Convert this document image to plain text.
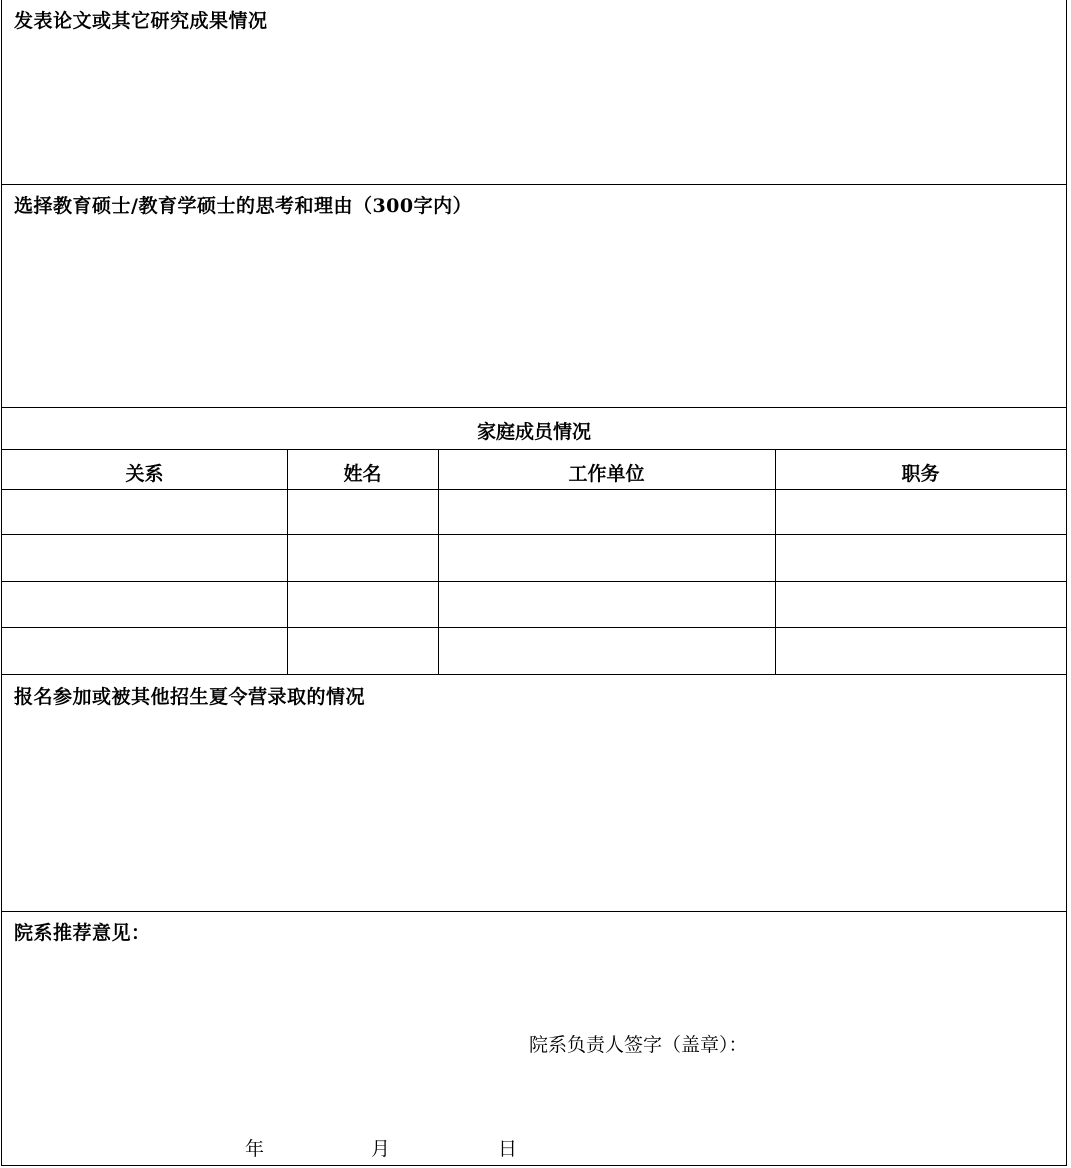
发表论文或其它研究成果情况
选择教育硕士/教育学硕士的思考和理由（300字内）
家庭成员情况
关系	姓名	工作单位	职务
报名参加或被其他招生夏令营录取的情况
院系推荐意见：
院系负责人签字（盖章）：
年	月	日
